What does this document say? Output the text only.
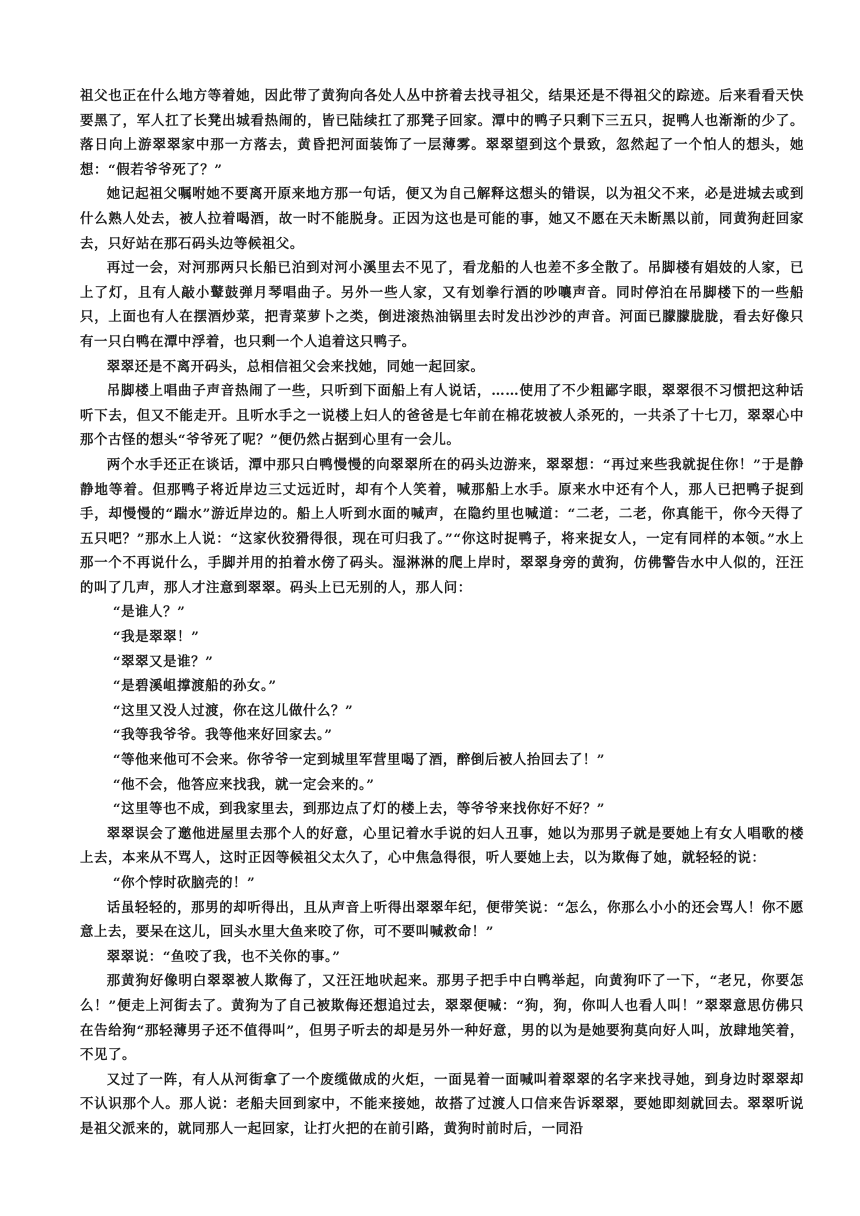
祖父也正在什么地方等着她，因此带了黄狗向各处人丛中挤着去找寻祖父，结果还是不得祖父的踪迹。后来看看天快要黑了，军人扛了长凳出城看热闹的，皆已陆续扛了那凳子回家。潭中的鸭子只剩下三五只，捉鸭人也渐渐的少了。落日向上游翠翠家中那一方落去，黄昏把河面装饰了一层薄雾。翠翠望到这个景致，忽然起了一个怕人的想头，她想：“假若爷爷死了？”

她记起祖父嘱咐她不要离开原来地方那一句话，便又为自己解释这想头的错误，以为祖父不来，必是进城去或到什么熟人处去，被人拉着喝酒，故一时不能脱身。正因为这也是可能的事，她又不愿在天未断黑以前，同黄狗赶回家去，只好站在那石码头边等候祖父。

再过一会，对河那两只长船已泊到对河小溪里去不见了，看龙船的人也差不多全散了。吊脚楼有娼妓的人家，已上了灯，且有人敲小鼙鼓弹月琴唱曲子。另外一些人家，又有划拳行酒的吵嚷声音。同时停泊在吊脚楼下的一些船只，上面也有人在摆酒炒菜，把青菜萝卜之类，倒进滚热油锅里去时发出沙沙的声音。河面已朦朦胧胧，看去好像只有一只白鸭在潭中浮着，也只剩一个人追着这只鸭子。

翠翠还是不离开码头，总相信祖父会来找她，同她一起回家。

吊脚楼上唱曲子声音热闹了一些，只听到下面船上有人说话，……使用了不少粗鄙字眼，翠翠很不习惯把这种话听下去，但又不能走开。且听水手之一说楼上妇人的爸爸是七年前在棉花坡被人杀死的，一共杀了十七刀，翠翠心中那个古怪的想头“爷爷死了呢？”便仍然占据到心里有一会儿。

两个水手还正在谈话，潭中那只白鸭慢慢的向翠翠所在的码头边游来，翠翠想：“再过来些我就捉住你！”于是静静地等着。但那鸭子将近岸边三丈远近时，却有个人笑着，喊那船上水手。原来水中还有个人，那人已把鸭子捉到手，却慢慢的“踹水”游近岸边的。船上人听到水面的喊声，在隐约里也喊道：“二老，二老，你真能干，你今天得了五只吧？”那水上人说：“这家伙狡猾得很，现在可归我了。”“你这时捉鸭子，将来捉女人，一定有同样的本领。”水上那一个不再说什么，手脚并用的拍着水傍了码头。湿淋淋的爬上岸时，翠翠身旁的黄狗，仿佛警告水中人似的，汪汪的叫了几声，那人才注意到翠翠。码头上已无别的人，那人问：

“是谁人？”

“我是翠翠！”

“翠翠又是谁？”

“是碧溪岨撑渡船的孙女。”

“这里又没人过渡，你在这儿做什么？”

“我等我爷爷。我等他来好回家去。”

“等他来他可不会来。你爷爷一定到城里军营里喝了酒，醉倒后被人抬回去了！”

“他不会，他答应来找我，就一定会来的。”

“这里等也不成，到我家里去，到那边点了灯的楼上去，等爷爷来找你好不好？”

翠翠误会了邀他进屋里去那个人的好意，心里记着水手说的妇人丑事，她以为那男子就是要她上有女人唱歌的楼上去，本来从不骂人，这时正因等候祖父太久了，心中焦急得很，听人要她上去，以为欺侮了她，就轻轻的说：

“你个悖时砍脑壳的！”

话虽轻轻的，那男的却听得出，且从声音上听得出翠翠年纪，便带笑说：“怎么，你那么小小的还会骂人！你不愿意上去，要呆在这儿，回头水里大鱼来咬了你，可不要叫喊救命！”

翠翠说：“鱼咬了我，也不关你的事。”

那黄狗好像明白翠翠被人欺侮了，又汪汪地吠起来。那男子把手中白鸭举起，向黄狗吓了一下，“老兄，你要怎么！”便走上河街去了。黄狗为了自己被欺侮还想追过去，翠翠便喊：“狗，狗，你叫人也看人叫！”翠翠意思仿佛只在告给狗“那轻薄男子还不值得叫”，但男子听去的却是另外一种好意，男的以为是她要狗莫向好人叫，放肆地笑着，不见了。

又过了一阵，有人从河街拿了一个废缆做成的火炬，一面晃着一面喊叫着翠翠的名字来找寻她，到身边时翠翠却不认识那个人。那人说：老船夫回到家中，不能来接她，故搭了过渡人口信来告诉翠翠，要她即刻就回去。翠翠听说是祖父派来的，就同那人一起回家，让打火把的在前引路，黄狗时前时后，一同沿
